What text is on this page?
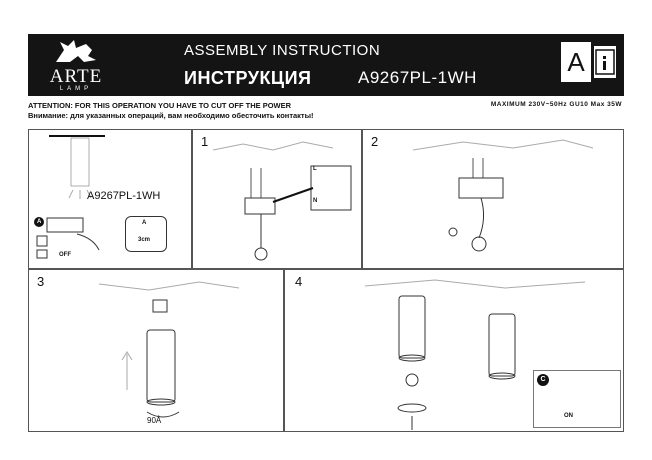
ARTE
LAMP
ASSEMBLY INSTRUCTION
ИНСТРУКЦИЯ	A9267PL-1WH
A
ATTENTION: FOR THIS OPERATION YOU HAVE TO CUT OFF THE POWER
Внимание: для указанных операций, вам необходимо обесточить контакты!
MAXIMUM 230V~50Hz GU10 Max 35W
A9267PL-1WH
A
OFF
A
3cm
1
L
N
2
3
90Å
4
C
ON
